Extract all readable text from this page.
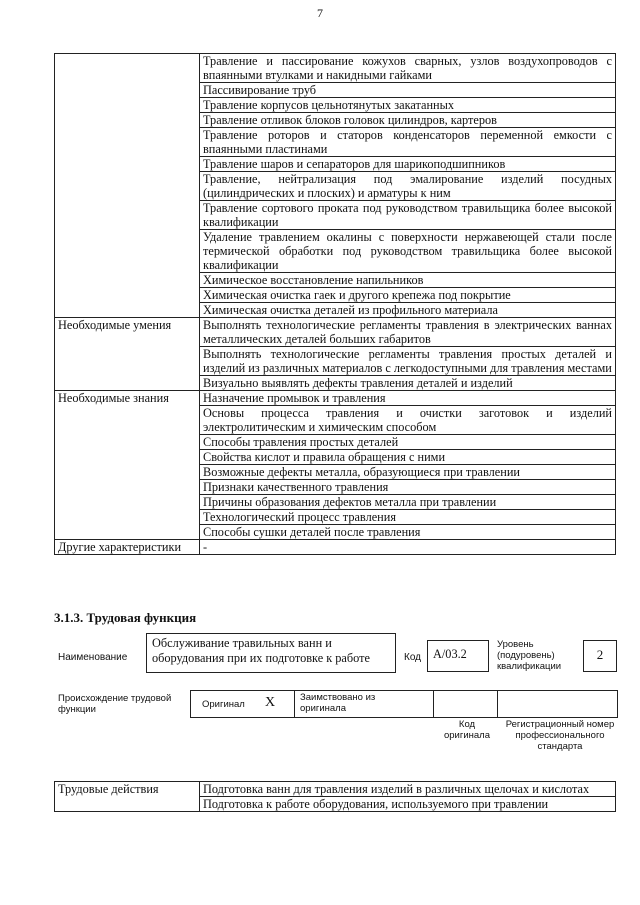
7
	Травление и пассирование кожухов сварных, узлов воздухопроводов с впаянными втулками и накидными гайками
	Пассивирование труб
	Травление корпусов цельнотянутых закатанных
	Травление отливок блоков головок цилиндров, картеров
	Травление роторов и статоров конденсаторов переменной емкости с впаянными пластинами
	Травление шаров и сепараторов для шарикоподшипников
	Травление, нейтрализация под эмалирование изделий посудных (цилиндрических и плоских) и арматуры к ним
	Травление сортового проката под руководством травильщика более высокой квалификации
	Удаление травлением окалины с поверхности нержавеющей стали после термической обработки под руководством травильщика более высокой квалификации
	Химическое восстановление напильников
	Химическая очистка гаек и другого крепежа под покрытие
	Химическая очистка деталей из профильного материала
Необходимые умения	Выполнять технологические регламенты травления в электрических ваннах металлических деталей больших габаритов
	Выполнять технологические регламенты травления простых деталей и изделий из различных материалов с легкодоступными для травления местами
	Визуально выявлять дефекты травления деталей и изделий
Необходимые знания	Назначение промывок и травления
	Основы процесса травления и очистки заготовок и изделий электролитическим и химическим способом
	Способы травления простых деталей
	Свойства кислот и правила обращения с ними
	Возможные дефекты металла, образующиеся при травлении
	Признаки качественного травления
	Причины образования дефектов металла при травлении
	Технологический процесс травления
	Способы сушки деталей после травления
Другие характеристики	-
3.1.3. Трудовая функция
Наименование
Обслуживание травильных ванн и оборудования при их подготовке к работе	Код A/03.2
Уровень (подуровень) квалификации
2
Происхождение трудовой функции	Оригинал X	Заимствовано из оригинала
Код оригинала
Регистрационный номер профессионального стандарта
Трудовые действия	Подготовка ванн для травления изделий в различных щелочах и кислотах
Подготовка к работе оборудования, используемого при травлении
